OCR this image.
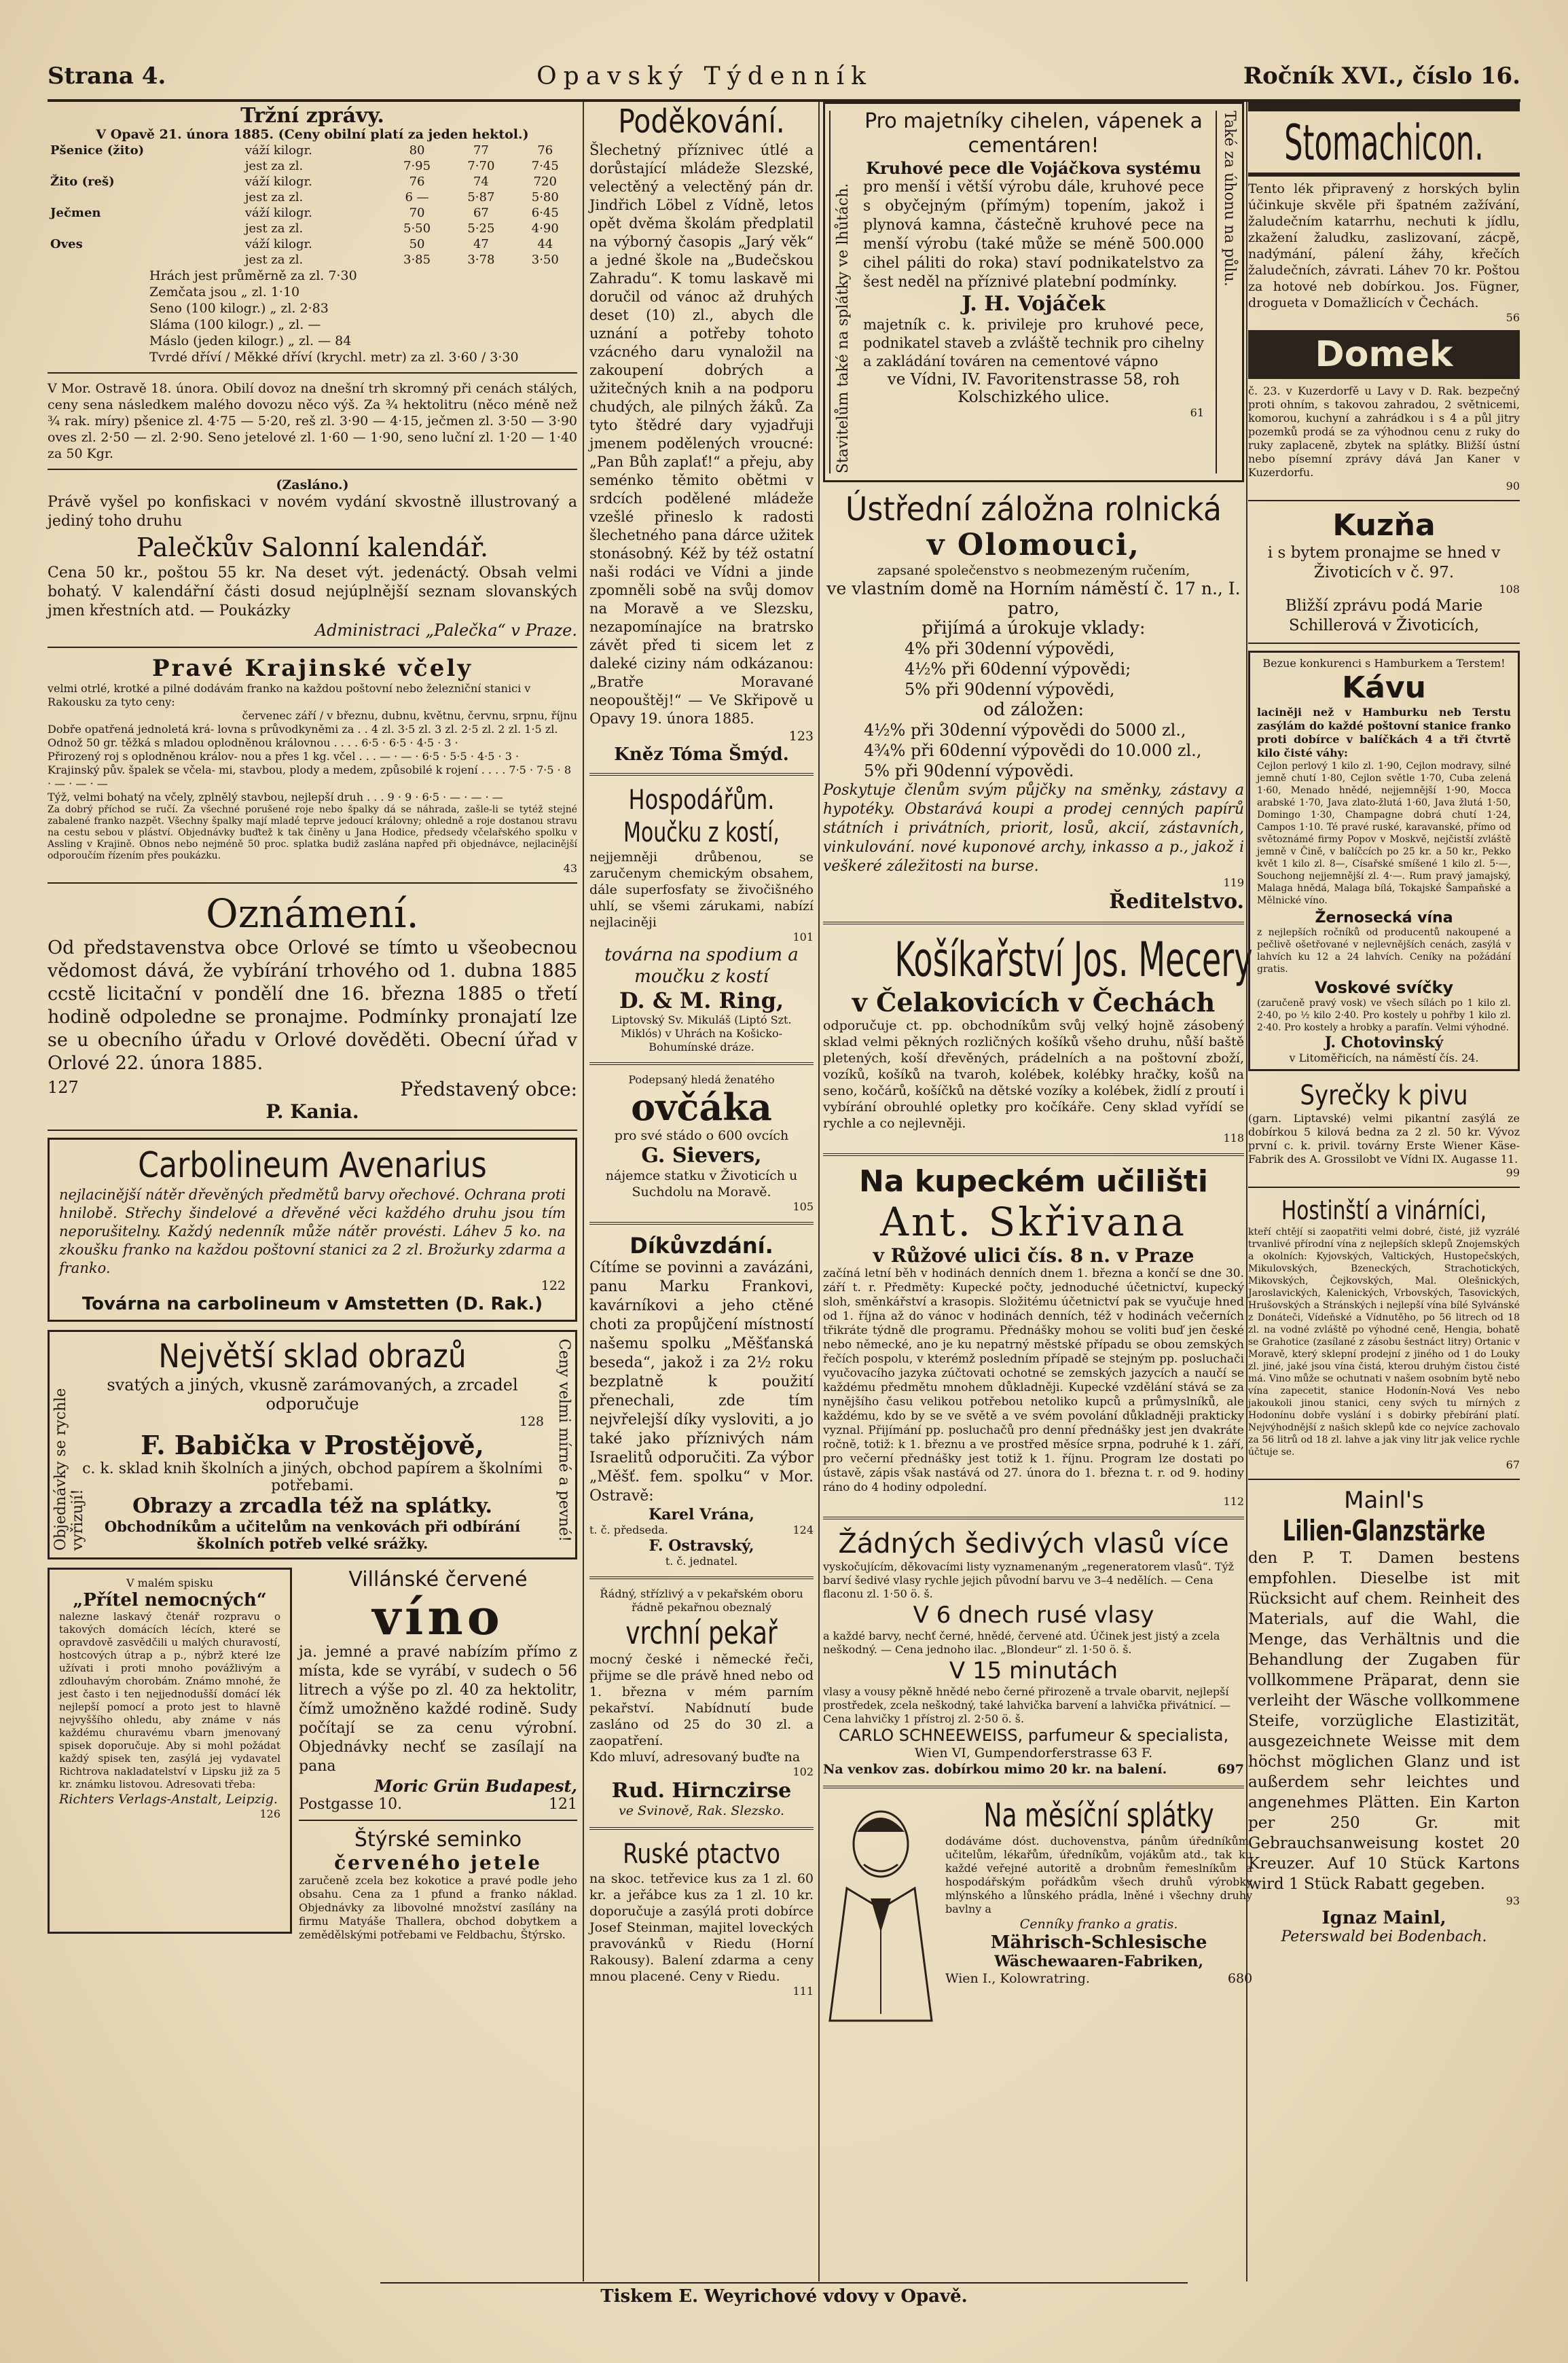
Strana 4.	Opavský Týdenník	Ročník XVI., číslo 16.
Tržní zprávy.
V Opavě 21. února 1885. (Ceny obilní platí za jeden hektol.)
Pšenice (žito)	váží kilogr.	80	77	76
	jest za zl.	7·95	7·70	7·45
Žito (reš)	váží kilogr.	76	74	720
	jest za zl.	6 —	5·87	5·80
Ječmen	váží kilogr.	70	67	6·45
	jest za zl.	5·50	5·25	4·90
Oves	váží kilogr.	50	47	44
	jest za zl.	3·85	3·78	3·50
Hrách jest průměrně za zl. 7·30
Zemčata jsou „ zl. 1·10
Seno (100 kilogr.) „ zl. 2·83
Sláma (100 kilogr.) „ zl. —
Máslo (jeden kilogr.) „ zl. — 84
Tvrdé dříví / Měkké dříví (krychl. metr) za zl. 3·60 / 3·30
V Mor. Ostravě 18. února. Obilí dovoz na dnešní trh skromný při cenách stálých, ceny sena následkem malého dovozu něco výš. Za ¾ hektolitru (něco méně než ¾ rak. míry) pšenice zl. 4·75 — 5·20, reš zl. 3·90 — 4·15, ječmen zl. 3·50 — 3·90 oves zl. 2·50 — zl. 2·90. Seno jetelové zl. 1·60 — 1·90, seno luční zl. 1·20 — 1·40 za 50 Kgr.
(Zasláno.)
Právě vyšel po konfiskaci v novém vydání skvostně illustrovaný a jediný toho druhu
Palečkův Salonní kalendář.
Cena 50 kr., poštou 55 kr. Na deset výt. jedenáctý. Obsah velmi bohatý. V kalendářní části dosud nejúplnější seznam slovanských jmen křestních atd. — Poukázky
Administraci „Palečka“ v Praze.
Pravé Krajinské včely
velmi otrlé, krotké a pilné dodávám franko na každou poštovní nebo železniční stanici v Rakousku za tyto ceny:
červenec září / v březnu, dubnu, květnu, červnu, srpnu, říjnu
Dobře opatřená jednoletá krá- lovna s průvodkyněmi za . . 4 zl. 3·5 zl. 3 zl. 2·5 zl. 2 zl. 1·5 zl.
Odnož 50 gr. těžká s mladou oplodněnou královnou . . . . 6·5 · 6·5 · 4·5 · 3 ·
Přirozený roj s oplodněnou králov- nou a přes 1 kg. včel . . . — · — · 6·5 · 5·5 · 4·5 · 3 ·
Krajinský pův. špalek se včela- mi, stavbou, plody a medem, způsobilé k rojení . . . . 7·5 · 7·5 · 8 · — · — · —
Týž, velmi bohatý na včely, zplnělý stavbou, nejlepší druh . . . 9 · 9 · 6·5 · — · — · —
Za dobrý příchod se ručí. Za všechné porušené roje nebo špalky dá se náhrada, zašle-li se tytéž stejné zabalené franko nazpět. Všechny špalky mají mladé teprve jedoucí královny; ohledně a roje dostanou stravu na cestu sebou v pláství. Objednávky buďtež k tak činěny u Jana Hodice, předsedy včelařského spolku v Assling v Krajině. Obnos nebo nejméně 50 proc. splatka budiž zaslána napřed při objednávce, nejlacinější odporoučím řízením přes poukázku.
43
Oznámení.
Od představenstva obce Orlové se tímto u všeobecnou vědomost dává, že vybírání trhového od 1. dubna 1885 ccstě licitační v pondělí dne 16. března 1885 o třetí hodině odpoledne se pronajme. Podmínky pronajatí lze se u obecního úřadu v Orlové dověděti. Obecní úřad v Orlové 22. února 1885.
127	Představený obce:
P. Kania.
Carbolineum Avenarius
nejlacinější nátěr dřevěných předmětů barvy ořechové. Ochrana proti hnilobě. Střechy šindelové a dřevěné věci každého druhu jsou tím neporušitelny. Každý nedenník může nátěr provésti. Láhev 5 ko. na zkoušku franko na každou poštovní stanici za 2 zl. Brožurky zdarma a franko.
122
Továrna na carbolineum v Amstetten (D. Rak.)
Objednávky se rychle vyřizují!	Ceny velmi mírné a pevné!
Největší sklad obrazů
svatých a jiných, vkusně zarámovaných, a zrcadel odporučuje
128
F. Babička v Prostějově,
c. k. sklad knih školních a jiných, obchod papírem a školními potřebami.
Obrazy a zrcadla též na splátky.
Obchodníkům a učitelům na venkovách při odbírání školních potřeb velké srážky.
V malém spisku
„Přítel nemocných“
nalezne laskavý čtenář rozpravu o takových domácích lécích, které se opravdově zasvědčili u malých churavostí, hostcových útrap a p., nýbrž které lze užívati i proti mnoho povážlivým a zdlouhavým chorobám. Známo mnohé, že jest často i ten nejjednodušší domácí lék nejlepší pomocí a proto jest to hlavně nejvyššího ohledu, aby známe v nás každému churavému vbarn jmenovaný spisek doporučuje. Aby si mohl požádat každý spisek ten, zasýlá jej vydavatel Richtrova nakladatelství v Lipsku již za 5 kr. známku listovou. Adresovati třeba:
Richters Verlags-Anstalt, Leipzig.
126
Villánské červené
víno
ja. jemné a pravé nabízím přímo z místa, kde se vyrábí, v sudech o 56 litrech a výše po zl. 40 za hektolitr, čímž umožněno každé rodině. Sudy počítají se za cenu výrobní. Objednávky nechť se zasílají na pana
Moric Grün Budapest,
Postgasse 10.	121
Štýrské seminko
červeného jetele
zaručeně zcela bez kokotice a pravé podle jeho obsahu. Cena za 1 pfund a franko náklad. Objednávky za libovolné množství zasílány na firmu Matyáše Thallera, obchod dobytkem a zemědělskými potřebami ve Feldbachu, Štýrsko.
Poděkování.
Šlechetný příznivec útlé a dorůstající mládeže Slezské, velectěný a velectěný pán dr. Jindřich Löbel z Vídně, letos opět dvěma školám předplatil na výborný časopis „Jarý věk“ a jedné škole na „Budečskou Zahradu“. K tomu laskavě mi doručil od vánoc až druhých deset (10) zl., abych dle uznání a potřeby tohoto vzácného daru vynaložil na zakoupení dobrých a užitečných knih a na podporu chudých, ale pilných žáků. Za tyto štědré dary vyjadřuji jmenem podělených vroucné: „Pan Bůh zaplať!“ a přeju, aby seménko těmito obětmi v srdcích podělené mládeže vzešlé přineslo k radosti šlechetného pana dárce užitek stonásobný. Kéž by též ostatní naši rodáci ve Vídni a jinde zpomněli sobě na svůj domov na Moravě a ve Slezsku, nezapomínajíce na bratrsko závět před ti sicem let z daleké ciziny nám odkázanou: „Bratře Moravané neopouštěj!“ — Ve Skřipově u Opavy 19. února 1885.
123
Kněz Tóma Šmýd.
Hospodářům.
Moučku z kostí,
nejjemněji drůbenou, se zaručenym chemickým obsahem, dále superfosfaty se živočišného uhlí, se všemi zárukami, nabízí nejlaciněji
101
továrna na spodium a moučku z kostí
D. & M. Ring,
Liptovský Sv. Mikuláš (Liptó Szt. Miklós) v Uhrách na Košicko-Bohumínské dráze.
Podepsaný hledá ženatého
ovčáka
pro své stádo o 600 ovcích
G. Sievers,
nájemce statku v Životicích u Suchdolu na Moravě.
105
Díkůvzdání.
Cítíme se povinni a zavázáni, panu Marku Frankovi, kavárníkovi a jeho ctěné choti za propůjčení místností našemu spolku „Měšťanská beseda“, jakož i za 2½ roku bezplatně k použití přenechali, zde tím nejvřelejší díky vysloviti, a jo také jako příznivých nám Israelitů odporučiti. Za výbor „Měšť. fem. spolku“ v Mor. Ostravě:
Karel Vrána,
t. č. předseda.	124
F. Ostravský,
t. č. jednatel.
Řádný, střízlivý a v pekařském oboru
řádně pekařnou obeznalý
vrchní pekař
mocný české i německé řeči, přijme se dle právě hned nebo od 1. března v mém parním pekařství. Nabídnutí bude zasláno od 25 do 30 zl. a zaopatření.
Kdo mluví, adresovaný buďte na
102
Rud. Hirnczirse
ve Svinově, Rak. Slezsko.
Ruské ptactvo
na skoc. tetřevice kus za 1 zl. 60 kr. a jeřábce kus za 1 zl. 10 kr. doporučuje a zasýlá proti dobírce Josef Steinman, majitel loveckých pravovánků v Riedu (Horní Rakousy). Balení zdarma a ceny mnou placené. Ceny v Riedu.
111
Stavitelům také na splátky ve lhůtách.	Také za úhonu na půlu.
Pro majetníky cihelen, vápenek a cementáren!
Kruhové pece dle Vojáčkova systému
pro menší i větší výrobu dále, kruhové pece s obyčejným (přímým) topením, jakož i plynová kamna, částečně kruhové pece na menší výrobu (také může se méně 500.000 cihel páliti do roka) staví podnikatelstvo za šest neděl na příznivé platební podmínky.
J. H. Vojáček
majetník c. k. privileje pro kruhové pece, podnikatel staveb a zvláště technik pro cihelny a zakládání továren na cementové vápno
ve Vídni, IV. Favoritenstrasse 58, roh Kolschizkého ulice.
61
Ústřední záložna rolnická
v Olomouci,
zapsané společenstvo s neobmezeným ručením,
ve vlastním domě na Horním náměstí č. 17 n., I. patro,
přijímá a úrokuje vklady:
4% při 30denní výpovědi,
4½% při 60denní výpovědi;
5% při 90denní výpovědi,
od záložen:
4½% při 30denní výpovědi do 5000 zl.,
4¾% při 60denní výpovědi do 10.000 zl.,
5% při 90denní výpovědi.
Poskytuje členům svým půjčky na směnky, zástavy a hypotéky. Obstarává koupi a prodej cenných papírů státních i privátních, priorit, losů, akcií, zástavních, vinkulování. nové kuponové archy, inkasso a p., jakož i veškeré záležitosti na burse.
119
Ředitelstvo.
Košíkařství Jos. Mecery
v Čelakovicích v Čechách
odporučuje ct. pp. obchodníkům svůj velký hojně zásobený sklad velmi pěkných rozličných košíků všeho druhu, nůší baště pletených, koší dřevěných, prádelních a na poštovní zboží, vozíků, košíků na tvaroh, kolébek, kolébky hračky, košů na seno, kočárů, košíčků na dětské vozíky a kolébek, židlí z proutí i vybírání obrouhlé opletky pro kočíkáře. Ceny sklad vyřídí se rychle a co nejlevněji.
118
Na kupeckém učilišti
Ant. Skřivana
v Růžové ulici čís. 8 n. v Praze
začíná letní běh v hodinách denních dnem 1. března a končí se dne 30. září t. r. Předměty: Kupecké počty, jednoduché účetnictví, kupecký sloh, směnkářství a krasopis. Složitému účetnictví pak se vyučuje hned od 1. října až do vánoc v hodinách denních, též v hodinách večerních třikráte týdně dle programu. Přednášky mohou se voliti buď jen české nebo německé, ano je ku nepatrný městské případu se obou zemských řečích pospolu, v kterémž posledním případě se stejným pp. posluchači vyučovacího jazyka zúčtovati ochotné se zemských jazycích a naučí se každému předmětu mnohem důkladněji. Kupecké vzdělání stává se za nynějšího času velikou potřebou netoliko kupců a průmyslníků, ale každému, kdo by se ve světě a ve svém povolání důkladněji prakticky vyznal. Přijímání pp. posluchačů pro denní přednášky jest jen dvakráte ročně, totiž: k 1. březnu a ve prostřed měsíce srpna, podruhé k 1. září, pro večerní přednášky jest totiž k 1. říjnu. Program lze dostati po ústavě, zápis však nastává od 27. února do 1. března t. r. od 9. hodiny ráno do 4 hodiny odpolední.
112
Žádných šedivých vlasů více
vyskočujícím, děkovacími listy vyznamenaným „regeneratorem vlasů“. Týž barví šedivé vlasy rychle jejich původní barvu ve 3–4 nedělích. — Cena flaconu zl. 1·50 ö. š.
V 6 dnech rusé vlasy
a každé barvy, nechť černé, hnědé, červené atd. Účinek jest jistý a zcela neškodný. — Cena jednoho ilac. „Blondeur“ zl. 1·50 ö. š.
V 15 minutách
vlasy a vousy pěkně hnědé nebo černé přirozeně a trvale obarvit, nejlepší prostředek, zcela neškodný, také lahvička barvení a lahvička přivátnicí. — Cena lahvičky 1 přístroj zl. 2·50 ö. š.
CARLO SCHNEEWEISS, parfumeur & specialista,
Wien VI, Gumpendorferstrasse 63 F.
Na venkov zas. dobírkou mimo 20 kr. na balení.	697
Na měsíční splátky
dodáváme dóst. duchovenstva, pánům úředníkům, učitelům, lékařům, úředníkům, vojákům atd., tak ku každé veřejné autoritě a drobnům řemeslníkům a hospodářským pořádkům všech druhů výrobky mlýnského a lůnského prádla, lněné i všechny druhy bavlny a
Cenníky franko a gratis.
Mährisch-Schlesische
Wäschewaaren-Fabriken,
Wien I., Kolowratring.	680
Stomachicon.
Tento lék připravený z horských bylin účinkuje skvěle při špatném zažívání, žaludečním katarrhu, nechuti k jídlu, zkažení žaludku, zaslizovaní, zácpě, nadýmání, pálení žáhy, křečích žaludečních, závrati. Láhev 70 kr. Poštou za hotové neb dobírkou. Jos. Fügner, drogueta v Domažlicích v Čechách.
56
Domek
č. 23. v Kuzerdorfě u Lavy v D. Rak. bezpečný proti ohním, s takovou zahradou, 2 světnicemi, komorou, kuchyní a zahrádkou i s 4 a půl jitry pozemků prodá se za výhodnou cenu z ruky do ruky zaplaceně, zbytek na splátky. Bližší ústní nebo písemní zprávy dává Jan Kaner v Kuzerdorfu.
90
Kuzňa
i s bytem pronajme se hned v Životicích v č. 97.
108
Bližší zprávu podá Marie Schillerová v Životicích,
Bezue konkurenci s Hamburkem a Terstem!
Kávu
laciněji než v Hamburku neb Terstu zasýlám do každé poštovní stanice franko proti dobírce v balíčkách 4 a tři čtvrtě kilo čisté váhy:
Cejlon perlový 1 kilo zl. 1·90, Cejlon modravy, silné jemně chutí 1·80, Cejlon světle 1·70, Cuba zelená 1·60, Menado hnědé, nejjemnější 1·90, Mocca arabské 1·70, Java zlato-žlutá 1·60, Java žlutá 1·50, Domingo 1·30, Champagne dobrá chutí 1·24, Campos 1·10. Té pravé ruské, karavanské, přímo od světoznámé firmy Popov v Moskvě, nejčistší zvláště jemně v Čině, v balíčcích po 25 kr. a 50 kr., Pekko květ 1 kilo zl. 8—, Císařské smíšené 1 kilo zl. 5·—, Souchong nejjemnější zl. 4·—. Rum pravý jamajský, Malaga hnědá, Malaga bílá, Tokajské Šampaňské a Mělnické víno.
Žernosecká vína
z nejlepších ročníků od producentů nakoupené a pečlivě ošetřované v nejlevnějších cenách, zasýlá v lahvích ku 12 a 24 lahvích. Ceníky na požádání gratis.
Voskové svíčky
(zaručeně pravý vosk) ve všech sílách po 1 kilo zl. 2·40, po ½ kilo 2·40. Pro kostely u pohřby 1 kilo zl. 2·40. Pro kostely a hrobky a parafín. Velmi výhodné.
J. Chotovinský
v Litoměřicích, na náměstí čís. 24.
Syrečky k pivu
(garn. Liptavské) velmi pikantní zasýlá ze dobírkou 5 kilová bedna za 2 zl. 50 kr. Vývoz první c. k. privil. továrny Erste Wiener Käse-Fabrik des A. Grossilobt ve Vídni IX. Augasse 11.
99
Hostinští a vinárníci,
kteří chtějí si zaopatřiti velmi dobré, čisté, již vyzrálé trvanlivé přírodní vína z nejlepších sklepů Znojemských a okolních: Kyjovských, Valtických, Hustopečských, Mikulovských, Bzeneckých, Strachotických, Mikovských, Čejkovských, Mal. Olešnických, Jaroslavických, Kalenických, Vrbovských, Tasovických, Hrušovských a Stránských i nejlepší vína bílé Sylvánské z Donáteči, Vídeňské a Vídnutěho, po 56 litrech od 18 zl. na vodné zvláště po výhodné ceně, Hengia, bohatě se Grahotice (zasílané z zásobu šestnáct litry) Ortanic v Moravě, který sklepní prodejní z jiného od 1 do Louky zl. jiné, jaké jsou vína čistá, kterou druhým čistou čisté má. Vino může se ochutnati v našem osobním bytě nebo vína zapecetit, stanice Hodonín-Nová Ves nebo jakoukoli jinou stanici, ceny svých tu mírných z Hodonínu dobře vyslání i s dobirky přebírání platí. Nejvýhodnější z našich sklepů kde co nejvíce zachovalo za 56 litrů od 18 zl. lahve a jak viny litr jak velice rychle účtuje se.
67
Mainl's
Lilien-Glanzstärke
den P. T. Damen bestens empfohlen. Dieselbe ist mit Rücksicht auf chem. Reinheit des Materials, auf die Wahl, die Menge, das Verhältnis und die Behandlung der Zugaben für vollkommene Präparat, denn sie verleiht der Wäsche vollkommene Steife, vorzügliche Elastizität, ausgezeichnete Weisse mit dem höchst möglichen Glanz und ist außerdem sehr leichtes und angenehmes Plätten. Ein Karton per 250 Gr. mit Gebrauchsanweisung kostet 20 Kreuzer. Auf 10 Stück Kartons wird 1 Stück Rabatt gegeben.
93
Ignaz Mainl,
Peterswald bei Bodenbach.
Tiskem E. Weyrichové vdovy v Opavě.
